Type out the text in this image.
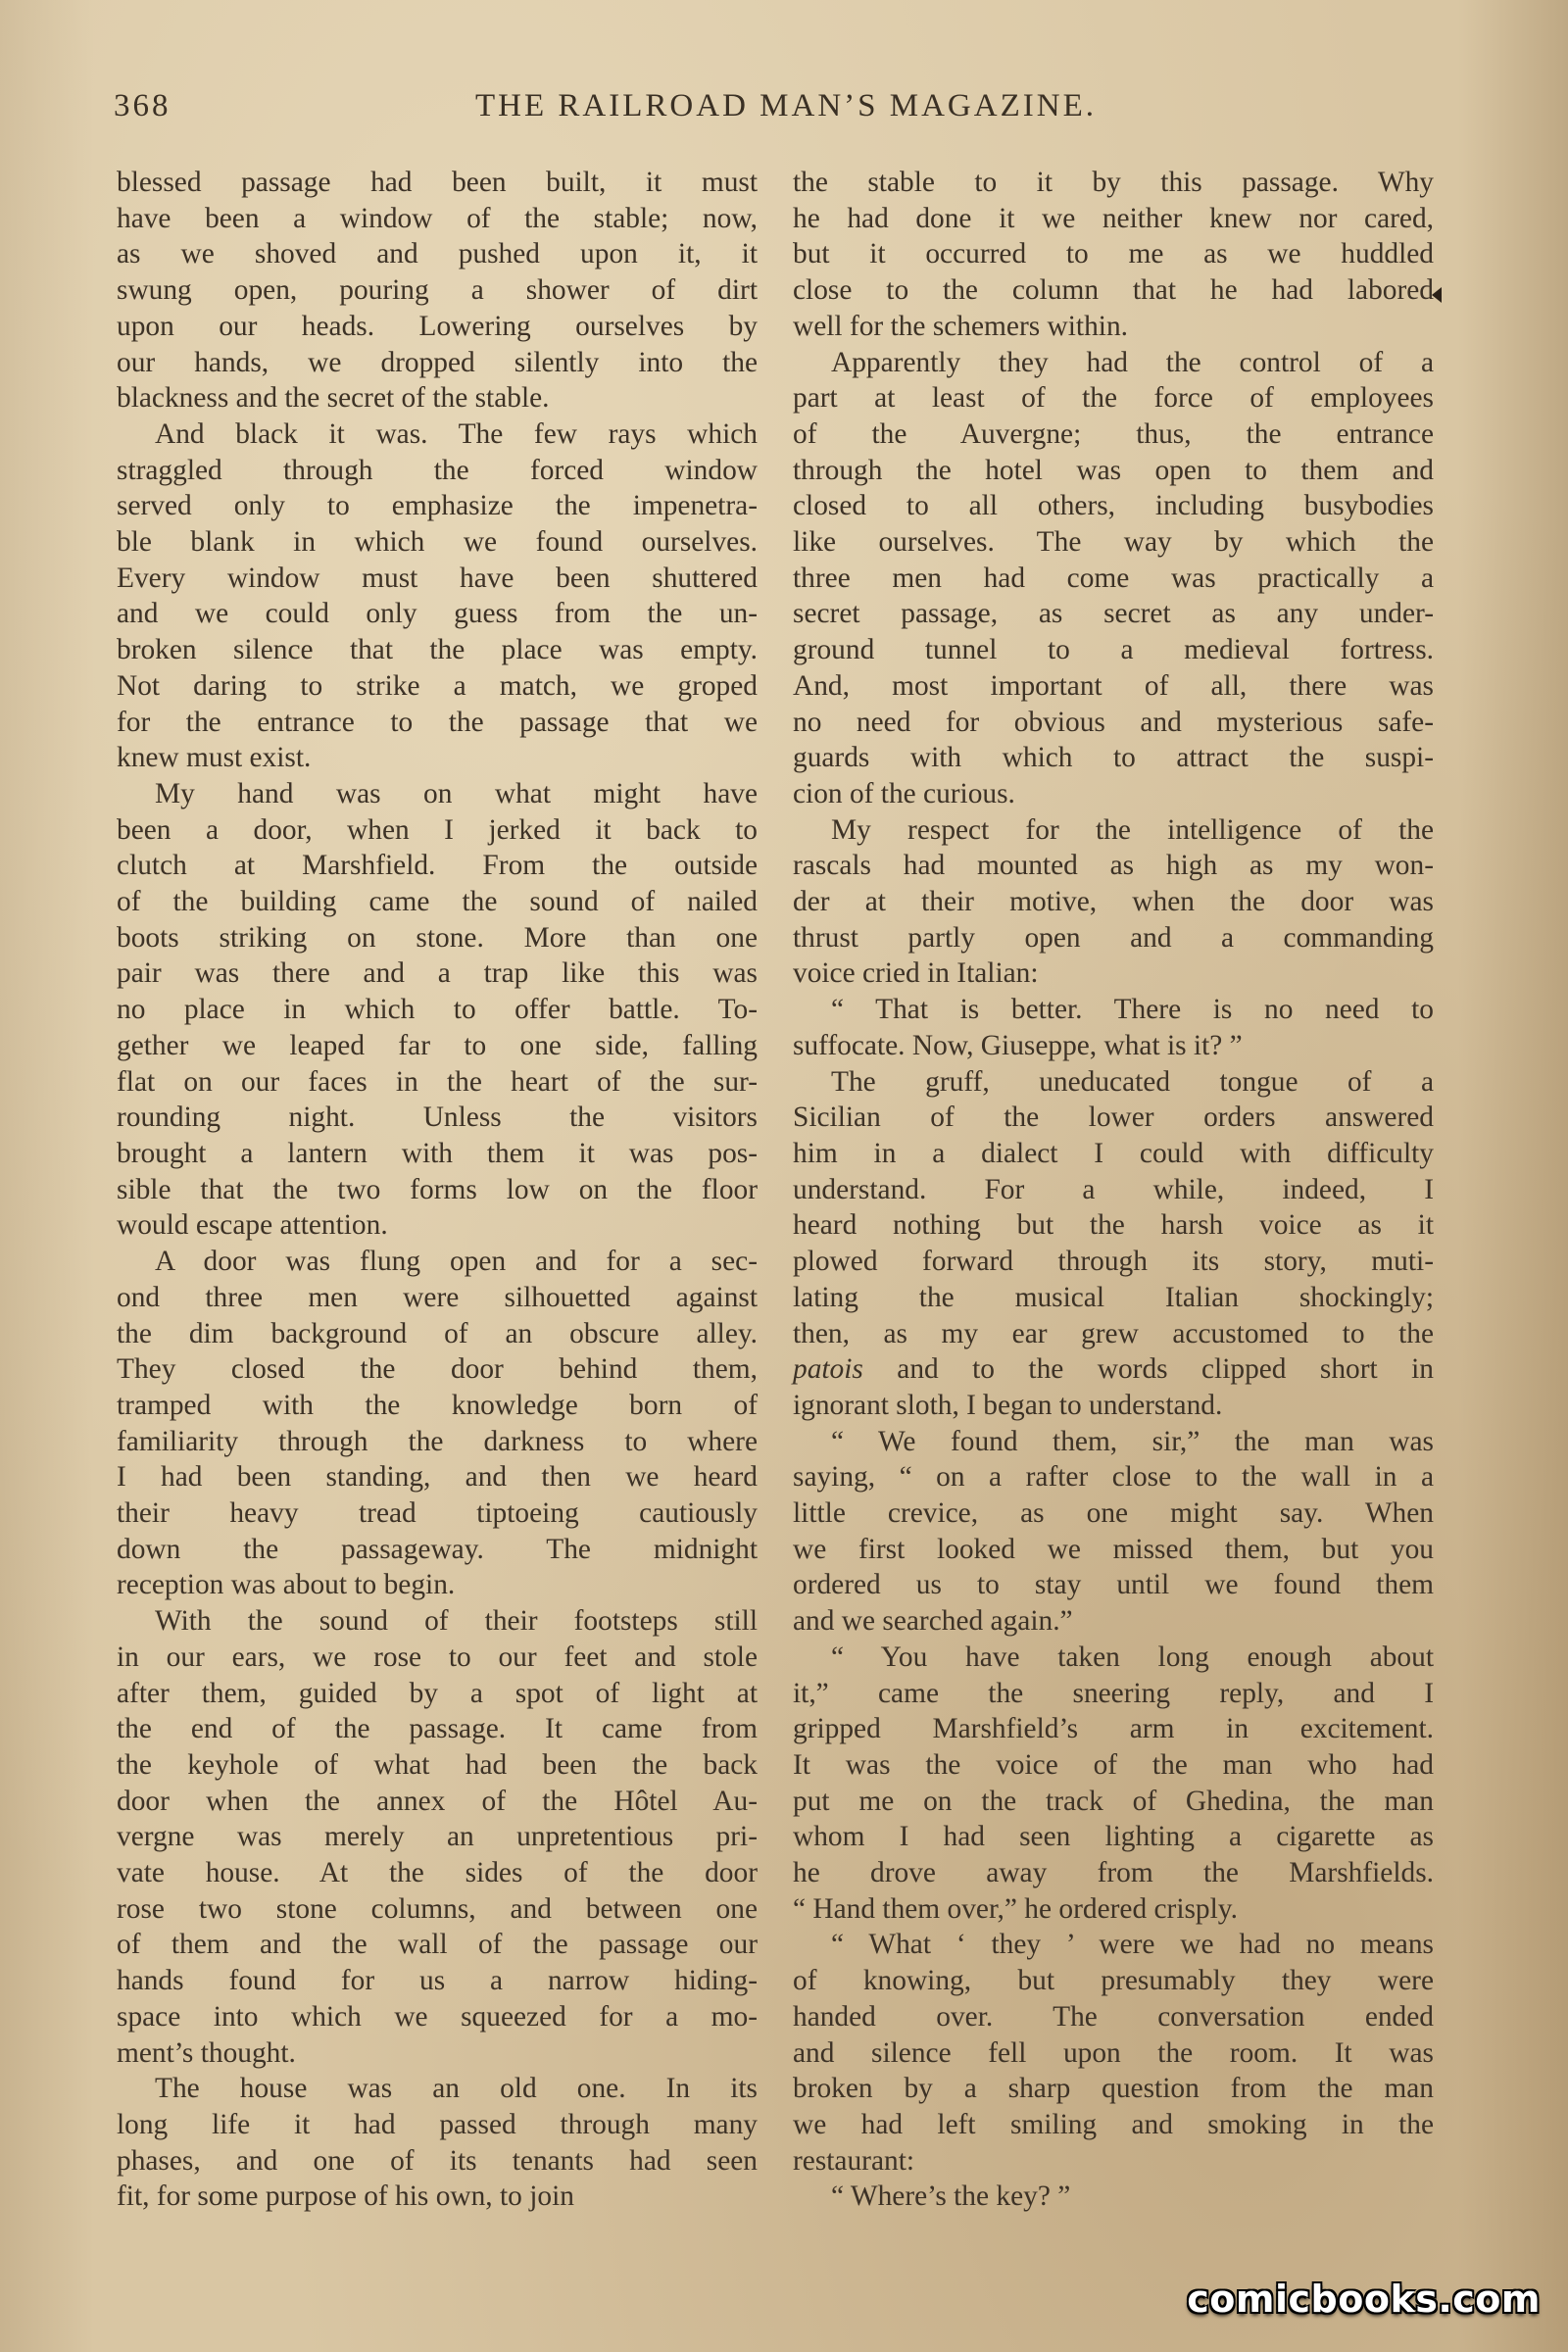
368	THE RAILROAD MAN’S MAGAZINE.

blessed passage had been built, it must
have been a window of the stable; now,
as we shoved and pushed upon it, it
swung open, pouring a shower of dirt
upon our heads. Lowering ourselves by
our hands, we dropped silently into the
blackness and the secret of the stable.

And black it was. The few rays which
straggled through the forced window
served only to emphasize the impenetra-
ble blank in which we found ourselves.
Every window must have been shuttered
and we could only guess from the un-
broken silence that the place was empty.
Not daring to strike a match, we groped
for the entrance to the passage that we
knew must exist.

My hand was on what might have
been a door, when I jerked it back to
clutch at Marshfield. From the outside
of the building came the sound of nailed
boots striking on stone. More than one
pair was there and a trap like this was
no place in which to offer battle. To-
gether we leaped far to one side, falling
flat on our faces in the heart of the sur-
rounding night. Unless the visitors
brought a lantern with them it was pos-
sible that the two forms low on the floor
would escape attention.

A door was flung open and for a sec-
ond three men were silhouetted against
the dim background of an obscure alley.
They closed the door behind them,
tramped with the knowledge born of
familiarity through the darkness to where
I had been standing, and then we heard
their heavy tread tiptoeing cautiously
down the passageway. The midnight
reception was about to begin.

With the sound of their footsteps still
in our ears, we rose to our feet and stole
after them, guided by a spot of light at
the end of the passage. It came from
the keyhole of what had been the back
door when the annex of the Hôtel Au-
vergne was merely an unpretentious pri-
vate house. At the sides of the door
rose two stone columns, and between one
of them and the wall of the passage our
hands found for us a narrow hiding-
space into which we squeezed for a mo-
ment’s thought.

The house was an old one. In its
long life it had passed through many
phases, and one of its tenants had seen
fit, for some purpose of his own, to join

the stable to it by this passage. Why
he had done it we neither knew nor cared,
but it occurred to me as we huddled
close to the column that he had labored
well for the schemers within.

Apparently they had the control of a
part at least of the force of employees
of the Auvergne; thus, the entrance
through the hotel was open to them and
closed to all others, including busybodies
like ourselves. The way by which the
three men had come was practically a
secret passage, as secret as any under-
ground tunnel to a medieval fortress.
And, most important of all, there was
no need for obvious and mysterious safe-
guards with which to attract the suspi-
cion of the curious.

My respect for the intelligence of the
rascals had mounted as high as my won-
der at their motive, when the door was
thrust partly open and a commanding
voice cried in Italian:

“ That is better. There is no need to
suffocate. Now, Giuseppe, what is it? ”

The gruff, uneducated tongue of a
Sicilian of the lower orders answered
him in a dialect I could with difficulty
understand. For a while, indeed, I
heard nothing but the harsh voice as it
plowed forward through its story, muti-
lating the musical Italian shockingly;
then, as my ear grew accustomed to the
patois and to the words clipped short in
ignorant sloth, I began to understand.

“ We found them, sir,” the man was
saying, “ on a rafter close to the wall in a
little crevice, as one might say. When
we first looked we missed them, but you
ordered us to stay until we found them
and we searched again.”

“ You have taken long enough about
it,” came the sneering reply, and I
gripped Marshfield’s arm in excitement.
It was the voice of the man who had
put me on the track of Ghedina, the man
whom I had seen lighting a cigarette as
he drove away from the Marshfields.
“ Hand them over,” he ordered crisply.

“ What ‘ they ’ were we had no means
of knowing, but presumably they were
handed over. The conversation ended
and silence fell upon the room. It was
broken by a sharp question from the man
we had left smiling and smoking in the
restaurant:

“ Where’s the key? ”

comicbooks.com
